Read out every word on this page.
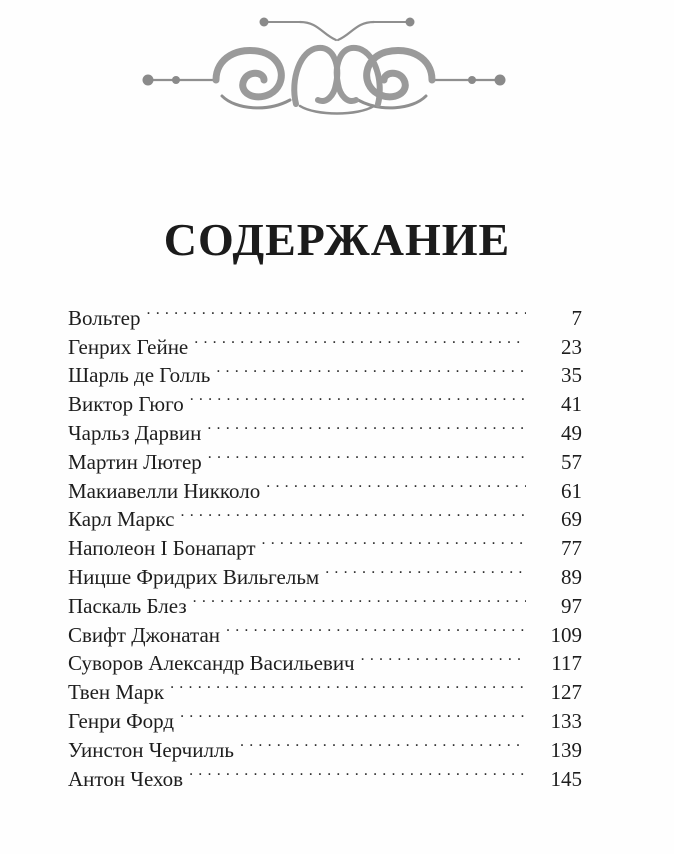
СОДЕРЖАНИЕ
Вольтер . . .	7
Генрих Гейне . . .	23
Шарль де Голль . . .	35
Виктор Гюго . . .	41
Чарльз Дарвин . . .	49
Мартин Лютер . . .	57
Макиавелли Никколо . . .	61
Карл Маркс . . .	69
Наполеон I Бонапарт . . .	77
Ницше Фридрих Вильгельм . . .	89
Паскаль Блез . . .	97
Свифт Джонатан . . .	109
Суворов Александр Васильевич . . .	117
Твен Марк . . .	127
Генри Форд . . .	133
Уинстон Черчилль . . .	139
Антон Чехов . . .	145
